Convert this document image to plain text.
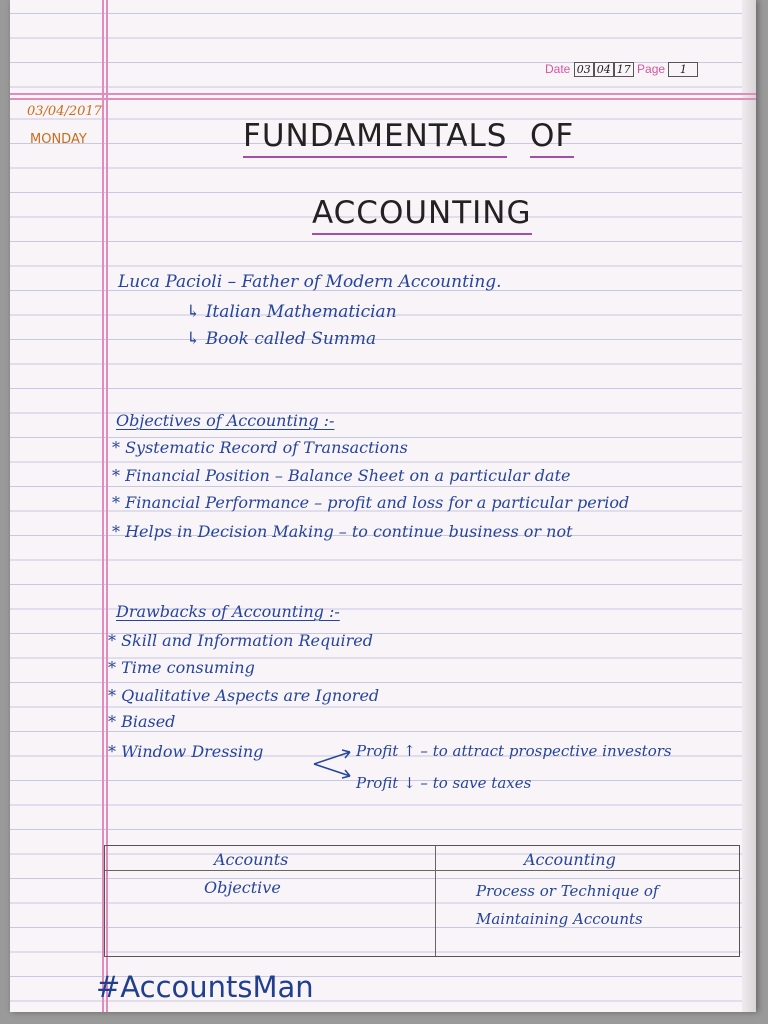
Date 03 04 17 Page 1
03/04/2017
MONDAY	FUNDAMENTALS OF
ACCOUNTING
Luca Pacioli – Father of Modern Accounting.
↳ Italian Mathematician
↳ Book called Summa
Objectives of Accounting :-
* Systematic Record of Transactions
* Financial Position – Balance Sheet on a particular date
* Financial Performance – profit and loss for a particular period
* Helps in Decision Making – to continue business or not
Drawbacks of Accounting :-
* Skill and Information Required
* Time consuming
* Qualitative Aspects are Ignored
* Biased
* Window Dressing	Profit ↑ – to attract prospective investors
Profit ↓ – to save taxes
Accounts	Accounting
Objective	Process or Technique of
Maintaining Accounts
#AccountsMan
